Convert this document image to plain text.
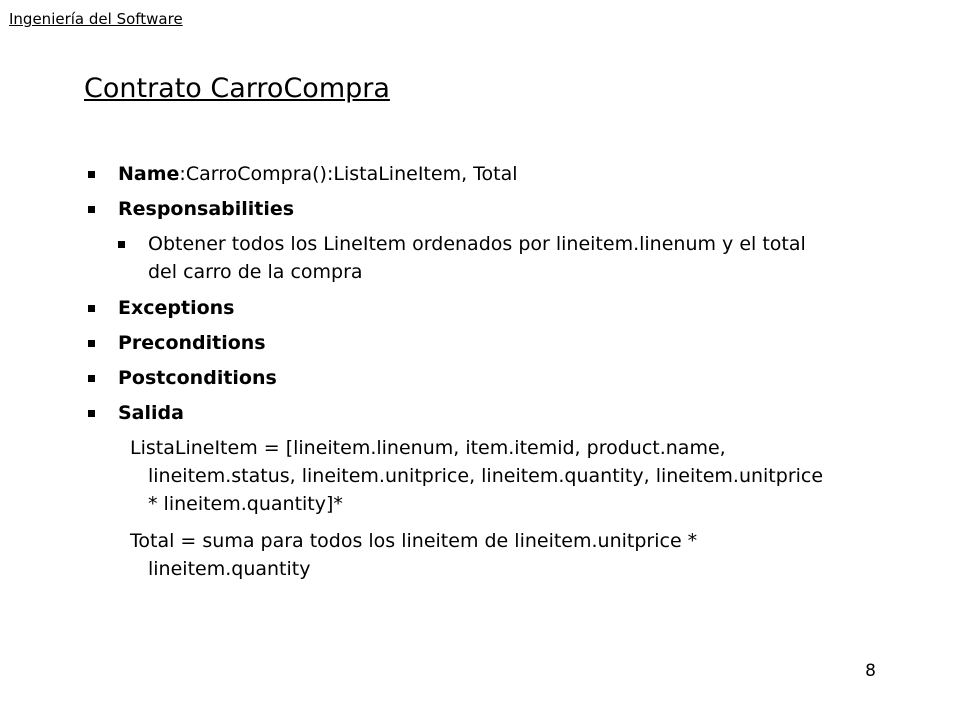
Ingeniería del Software
Contrato CarroCompra
Name:CarroCompra():ListaLineItem, Total
Responsabilities
Obtener todos los LineItem ordenados por lineitem.linenum y el total del carro de la compra
Exceptions
Preconditions
Postconditions
Salida
ListaLineItem = [lineitem.linenum, item.itemid, product.name, lineitem.status, lineitem.unitprice, lineitem.quantity, lineitem.unitprice * lineitem.quantity]*
Total = suma para todos los lineitem de lineitem.unitprice * lineitem.quantity
8
